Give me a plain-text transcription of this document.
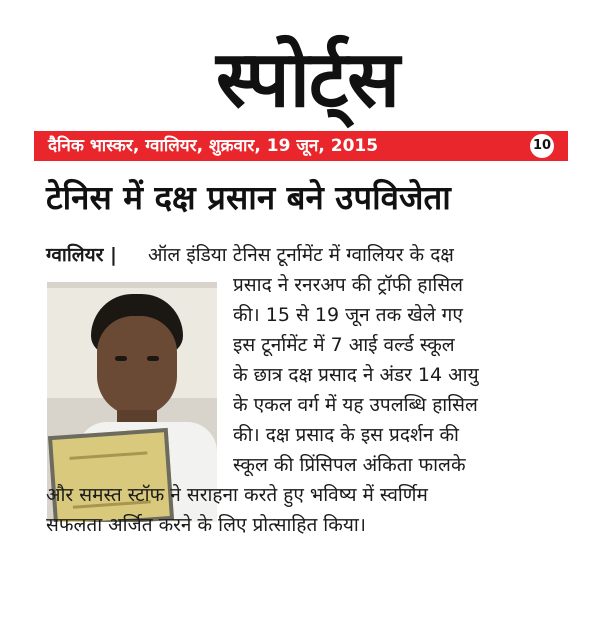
स्पोर्ट्स
दैनिक भास्कर, ग्वालियर, शुक्रवार, 19 जून, 2015	10
टेनिस में दक्ष प्रसान बने उपविजेता
ग्वालियर | ऑल इंडिया टेनिस टूर्नामेंट में ग्वालियर के दक्ष
प्रसाद ने रनरअप की ट्रॉफी हासिल
की। 15 से 19 जून तक खेले गए
इस टूर्नामेंट में 7 आई वर्ल्ड स्कूल
के छात्र दक्ष प्रसाद ने अंडर 14 आयु
के एकल वर्ग में यह उपलब्धि हासिल
की। दक्ष प्रसाद के इस प्रदर्शन की
स्कूल की प्रिंसिपल अंकिता फालके
और समस्त स्टॉफ ने सराहना करते हुए भविष्य में स्वर्णिम
सफलता अर्जित करने के लिए प्रोत्साहित किया।
